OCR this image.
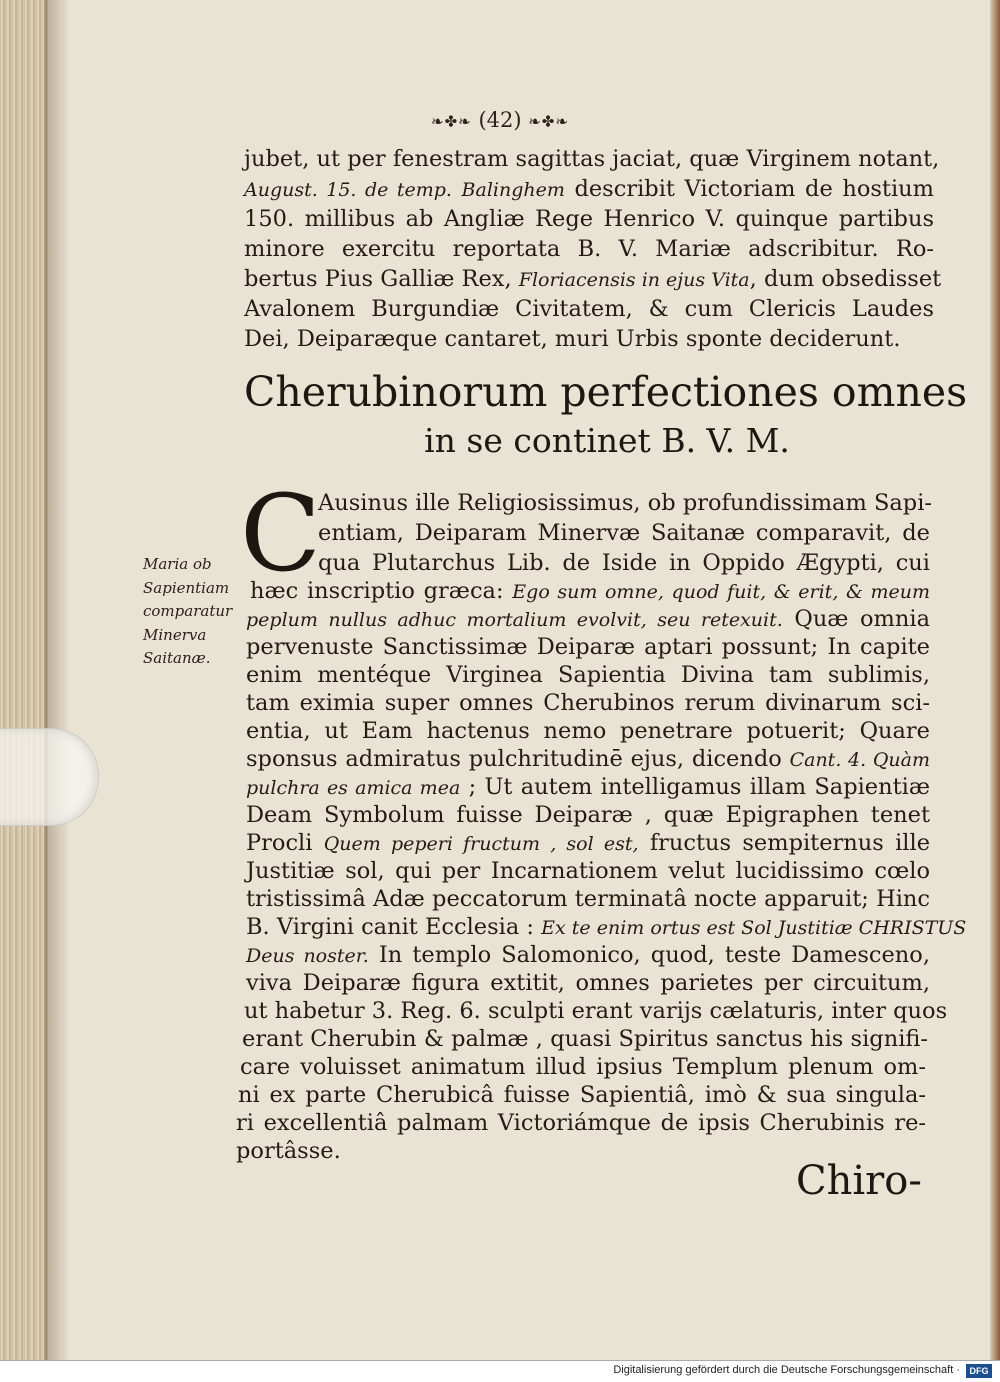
❧✤❧ (42) ❧✤❧
jubet, ut per fenestram sagittas jaciat, quæ Virginem notant,
August. 15. de temp. Balinghem describit Victoriam de hostium
150. millibus ab Angliæ Rege Henrico V. quinque partibus
minore exercitu reportata B. V. Mariæ adscribitur. Ro-
bertus Pius Galliæ Rex, Floriacensis in ejus Vita, dum obsedisset
Avalonem Burgundiæ Civitatem, & cum Clericis Laudes
Dei, Deiparæque cantaret, muri Urbis sponte deciderunt.
Cherubinorum perfectiones omnes
in se continet B. V. M.
C
Maria ob
Sapientiam
comparatur
Minerva
Saitanæ.
Ausinus ille Religiosissimus, ob profundissimam Sapi-
entiam, Deiparam Minervæ Saitanæ comparavit, de
qua Plutarchus Lib. de Iside in Oppido Ægypti, cui
hæc inscriptio græca: Ego sum omne, quod fuit, & erit, & meum
peplum nullus adhuc mortalium evolvit, seu retexuit. Quæ omnia
pervenuste Sanctissimæ Deiparæ aptari possunt; In capite
enim mentéque Virginea Sapientia Divina tam sublimis,
tam eximia super omnes Cherubinos rerum divinarum sci-
entia, ut Eam hactenus nemo penetrare potuerit; Quare
sponsus admiratus pulchritudinē ejus, dicendo Cant. 4. Quàm
pulchra es amica mea ; Ut autem intelligamus illam Sapientiæ
Deam Symbolum fuisse Deiparæ , quæ Epigraphen tenet
Procli Quem peperi fructum , sol est, fructus sempiternus ille
Justitiæ sol, qui per Incarnationem velut lucidissimo cœlo
tristissimâ Adæ peccatorum terminatâ nocte apparuit; Hinc
B. Virgini canit Ecclesia : Ex te enim ortus est Sol Justitiæ CHRISTUS
Deus noster. In templo Salomonico, quod, teste Damesceno,
viva Deiparæ figura extitit, omnes parietes per circuitum,
ut habetur 3. Reg. 6. sculpti erant varijs cælaturis, inter quos
erant Cherubin & palmæ , quasi Spiritus sanctus his signifi-
care voluisset animatum illud ipsius Templum plenum om-
ni ex parte Cherubicâ fuisse Sapientiâ, imò & sua singula-
ri excellentiâ palmam Victoriámque de ipsis Cherubinis re-
portâsse.
Chiro-
Digitalisierung gefördert durch die Deutsche Forschungsgemeinschaft ·	DFG
